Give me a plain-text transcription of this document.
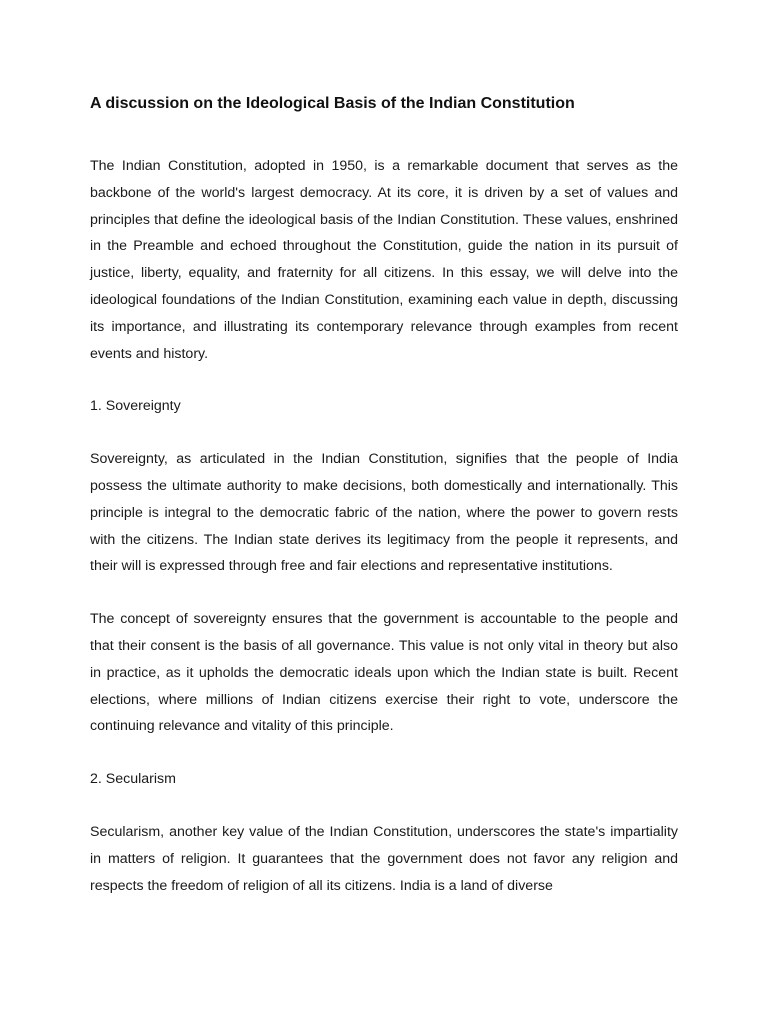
A discussion on the Ideological Basis of the Indian Constitution

The Indian Constitution, adopted in 1950, is a remarkable document that serves as the backbone of the world's largest democracy. At its core, it is driven by a set of values and principles that define the ideological basis of the Indian Constitution. These values, enshrined in the Preamble and echoed throughout the Constitution, guide the nation in its pursuit of justice, liberty, equality, and fraternity for all citizens. In this essay, we will delve into the ideological foundations of the Indian Constitution, examining each value in depth, discussing its importance, and illustrating its contemporary relevance through examples from recent events and history.

1. Sovereignty

Sovereignty, as articulated in the Indian Constitution, signifies that the people of India possess the ultimate authority to make decisions, both domestically and internationally. This principle is integral to the democratic fabric of the nation, where the power to govern rests with the citizens. The Indian state derives its legitimacy from the people it represents, and their will is expressed through free and fair elections and representative institutions.

The concept of sovereignty ensures that the government is accountable to the people and that their consent is the basis of all governance. This value is not only vital in theory but also in practice, as it upholds the democratic ideals upon which the Indian state is built. Recent elections, where millions of Indian citizens exercise their right to vote, underscore the continuing relevance and vitality of this principle.

2. Secularism

Secularism, another key value of the Indian Constitution, underscores the state's impartiality in matters of religion. It guarantees that the government does not favor any religion and respects the freedom of religion of all its citizens. India is a land of diverse
